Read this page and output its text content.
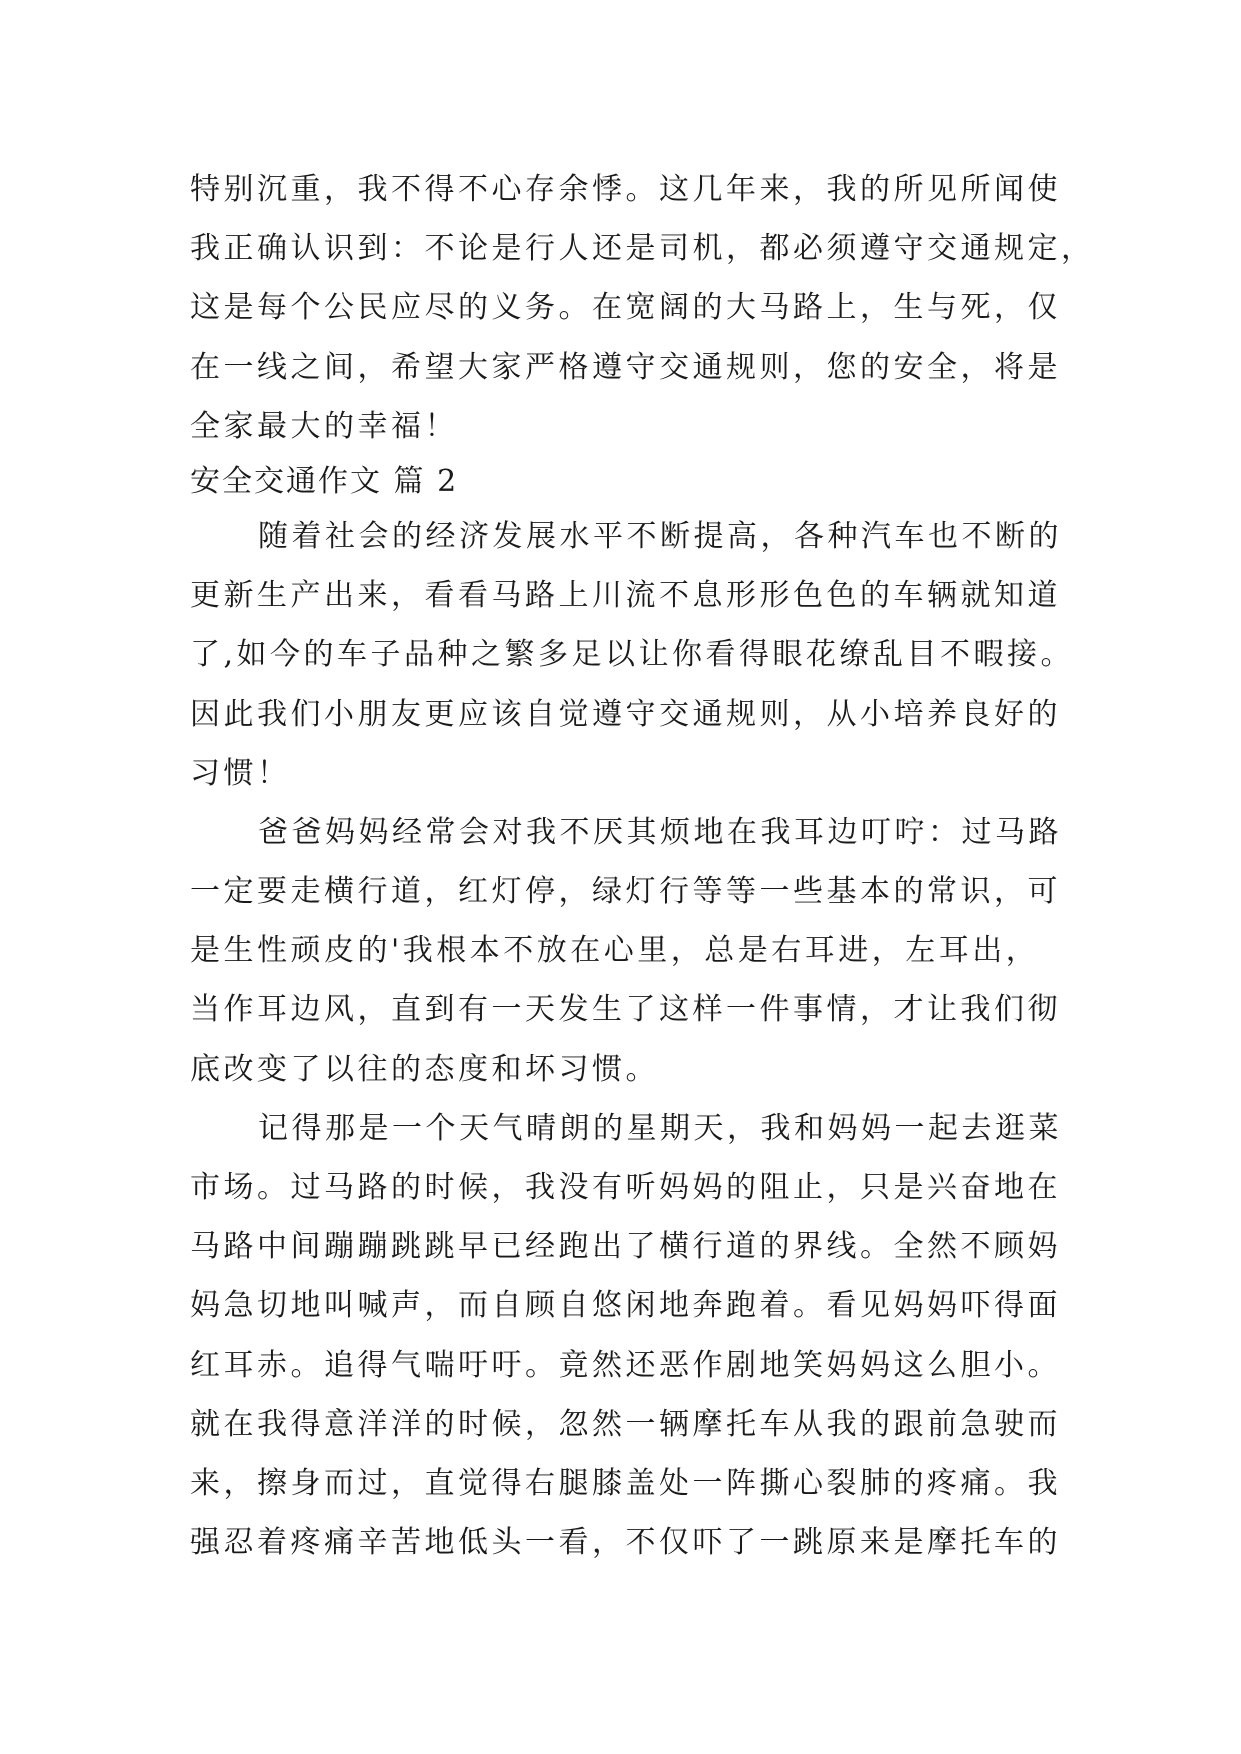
特别沉重，我不得不心存余悸。这几年来，我的所见所闻使
我正确认识到：不论是行人还是司机，都必须遵守交通规定，
这是每个公民应尽的义务。在宽阔的大马路上，生与死，仅
在一线之间，希望大家严格遵守交通规则，您的安全，将是
全家最大的幸福！
安全交通作文 篇 2
随着社会的经济发展水平不断提高，各种汽车也不断的
更新生产出来，看看马路上川流不息形形色色的车辆就知道
了,如今的车子品种之繁多足以让你看得眼花缭乱目不暇接。
因此我们小朋友更应该自觉遵守交通规则，从小培养良好的
习惯！
爸爸妈妈经常会对我不厌其烦地在我耳边叮咛：过马路
一定要走横行道，红灯停，绿灯行等等一些基本的常识，可
是生性顽皮的'我根本不放在心里，总是右耳进，左耳出，
当作耳边风，直到有一天发生了这样一件事情，才让我们彻
底改变了以往的态度和坏习惯。
记得那是一个天气晴朗的星期天，我和妈妈一起去逛菜
市场。过马路的时候，我没有听妈妈的阻止，只是兴奋地在
马路中间蹦蹦跳跳早已经跑出了横行道的界线。全然不顾妈
妈急切地叫喊声，而自顾自悠闲地奔跑着。看见妈妈吓得面
红耳赤。追得气喘吁吁。竟然还恶作剧地笑妈妈这么胆小。
就在我得意洋洋的时候，忽然一辆摩托车从我的跟前急驶而
来，擦身而过，直觉得右腿膝盖处一阵撕心裂肺的疼痛。我
强忍着疼痛辛苦地低头一看，不仅吓了一跳原来是摩托车的
